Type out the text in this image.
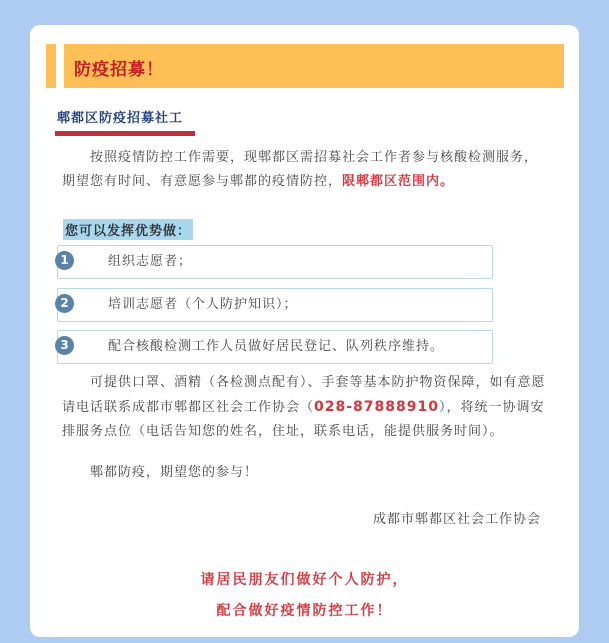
防疫招募！
郫都区防疫招募社工
按照疫情防控工作需要，现郫都区需招募社会工作者参与核酸检测服务，期望您有时间、有意愿参与郫都的疫情防控，限郫都区范围内。
您可以发挥优势做：
1	组织志愿者；
2	培训志愿者（个人防护知识）；
3	配合核酸检测工作人员做好居民登记、队列秩序维持。
可提供口罩、酒精（各检测点配有）、手套等基本防护物资保障，如有意愿请电话联系成都市郫都区社会工作协会（028-87888910），将统一协调安排服务点位（电话告知您的姓名，住址，联系电话，能提供服务时间）。
郫都防疫，期望您的参与！
成都市郫都区社会工作协会
请居民朋友们做好个人防护，
配合做好疫情防控工作！
